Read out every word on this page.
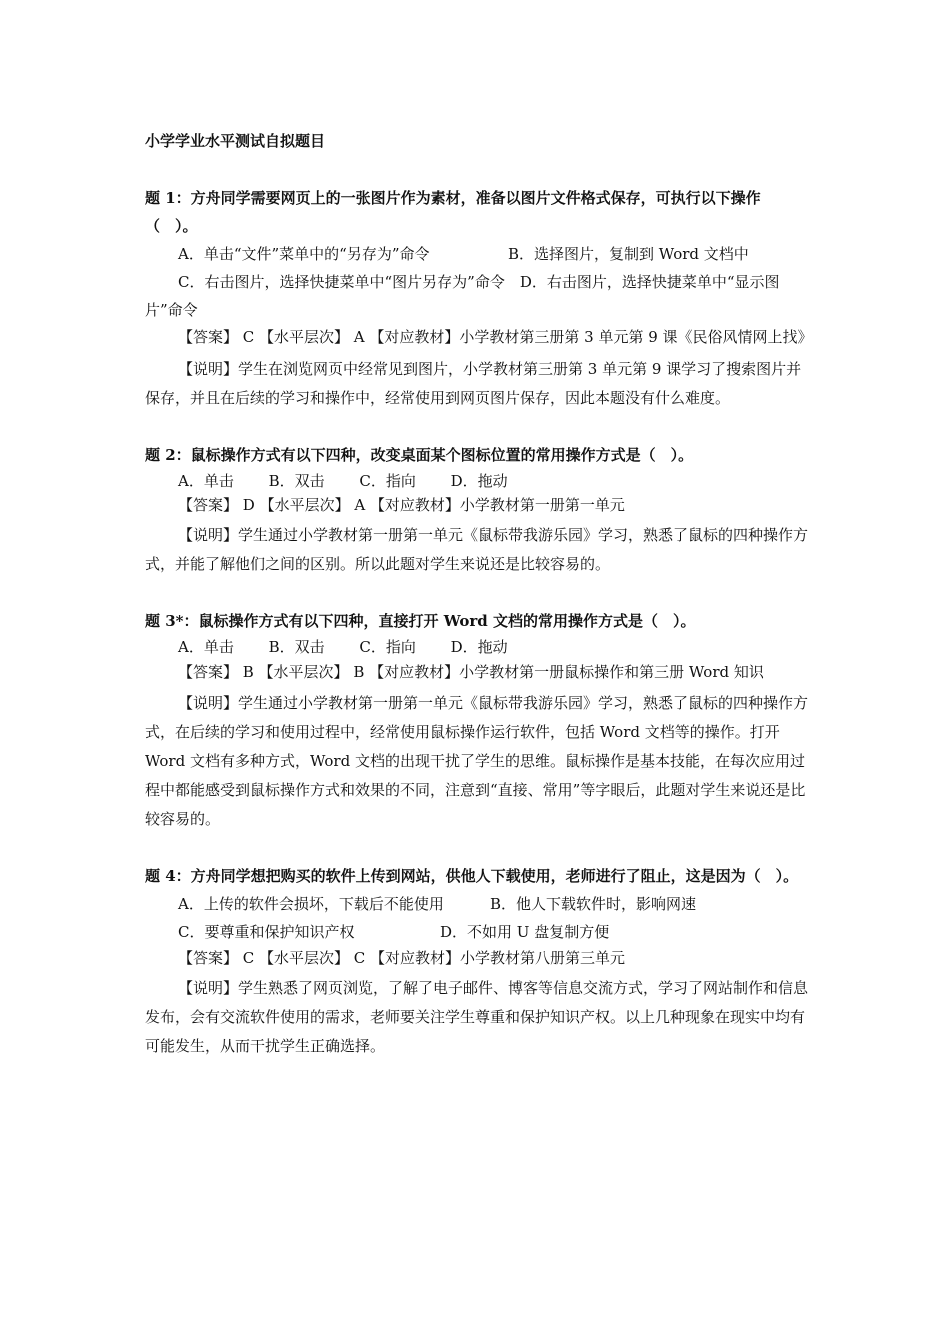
小学学业水平测试自拟题目

题 1：方舟同学需要网页上的一张图片作为素材，准备以图片文件格式保存，可执行以下操作（　）。

A．单击“文件”菜单中的“另存为”命令	B．选择图片，复制到 Word 文档中

C．右击图片，选择快捷菜单中“图片另存为”命令　D．右击图片，选择快捷菜单中“显示图片”命令

【答案】 C 【水平层次】 A 【对应教材】小学教材第三册第 3 单元第 9 课《民俗风情网上找》

【说明】学生在浏览网页中经常见到图片，小学教材第三册第 3 单元第 9 课学习了搜索图片并保存，并且在后续的学习和操作中，经常使用到网页图片保存，因此本题没有什么难度。

题 2：鼠标操作方式有以下四种，改变桌面某个图标位置的常用操作方式是（　）。

A．单击　　 B．双击　　 C．指向　　 D．拖动

【答案】 D 【水平层次】 A 【对应教材】小学教材第一册第一单元

【说明】学生通过小学教材第一册第一单元《鼠标带我游乐园》学习，熟悉了鼠标的四种操作方式，并能了解他们之间的区别。所以此题对学生来说还是比较容易的。

题 3*：鼠标操作方式有以下四种，直接打开 Word 文档的常用操作方式是（　）。

A．单击　　 B．双击　　 C．指向　　 D．拖动

【答案】 B 【水平层次】 B 【对应教材】小学教材第一册鼠标操作和第三册 Word 知识

【说明】学生通过小学教材第一册第一单元《鼠标带我游乐园》学习，熟悉了鼠标的四种操作方式，在后续的学习和使用过程中，经常使用鼠标操作运行软件，包括 Word 文档等的操作。打开 Word 文档有多种方式，Word 文档的出现干扰了学生的思维。鼠标操作是基本技能，在每次应用过程中都能感受到鼠标操作方式和效果的不同，注意到“直接、常用”等字眼后，此题对学生来说还是比较容易的。

题 4：方舟同学想把购买的软件上传到网站，供他人下载使用，老师进行了阻止，这是因为（　）。

A．上传的软件会损坏，下载后不能使用	B．他人下载软件时，影响网速

C．要尊重和保护知识产权	D．不如用 U 盘复制方便

【答案】 C 【水平层次】 C 【对应教材】小学教材第八册第三单元

【说明】学生熟悉了网页浏览，了解了电子邮件、博客等信息交流方式，学习了网站制作和信息发布，会有交流软件使用的需求，老师要关注学生尊重和保护知识产权。以上几种现象在现实中均有可能发生，从而干扰学生正确选择。
